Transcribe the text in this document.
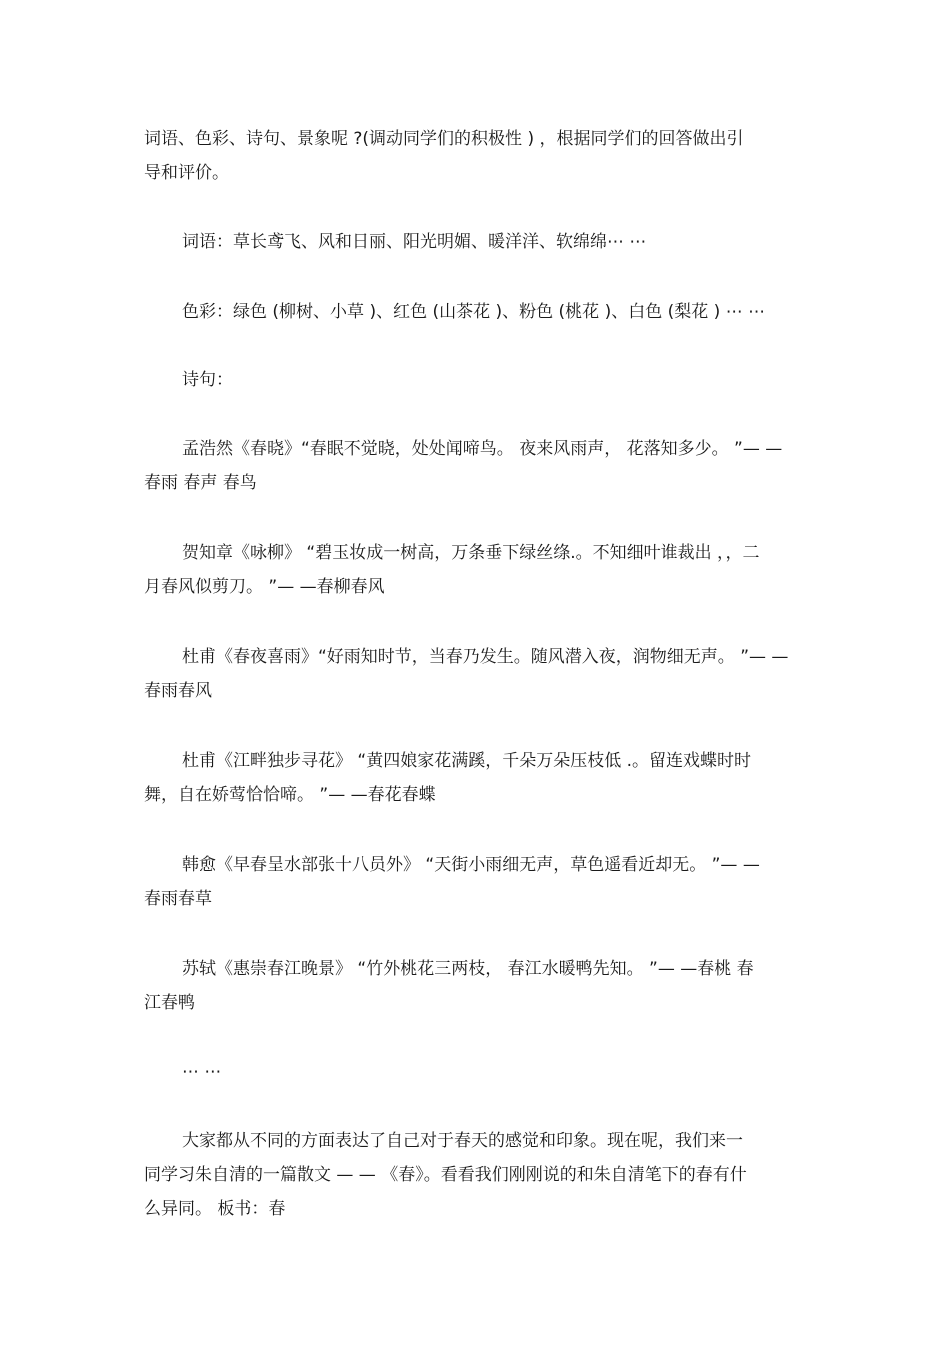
词语、色彩、诗句、景象呢 ?(调动同学们的积极性 ) ，根据同学们的回答做出引
导和评价。

词语：草长鸢飞、风和日丽、阳光明媚、暖洋洋、软绵绵⋯ ⋯

色彩：绿色 (柳树、小草 )、红色 (山茶花 )、粉色 (桃花 )、白色 (梨花 ) ⋯ ⋯

诗句：

孟浩然《春晓》“春眠不觉晓，处处闻啼鸟。 夜来风雨声， 花落知多少。 ”— —
春雨 春声 春鸟

贺知章《咏柳》 “碧玉妆成一树高，万条垂下绿丝绦.。不知细叶谁裁出 ，，二
月春风似剪刀。 ”— —春柳春风

杜甫《春夜喜雨》“好雨知时节，当春乃发生。随风潜入夜，润物细无声。 ”— —
春雨春风

杜甫《江畔独步寻花》 “黄四娘家花满蹊，千朵万朵压枝低 .。留连戏蝶时时
舞，自在娇莺恰恰啼。 ”— —春花春蝶

韩愈《早春呈水部张十八员外》 “天街小雨细无声，草色遥看近却无。 ”— —
春雨春草

苏轼《惠崇春江晚景》 “竹外桃花三两枝， 春江水暖鸭先知。 ”— —春桃 春
江春鸭

⋯ ⋯

大家都从不同的方面表达了自己对于春天的感觉和印象。现在呢，我们来一
同学习朱自清的一篇散文 — — 《春》。看看我们刚刚说的和朱自清笔下的春有什
么异同。 板书：春
